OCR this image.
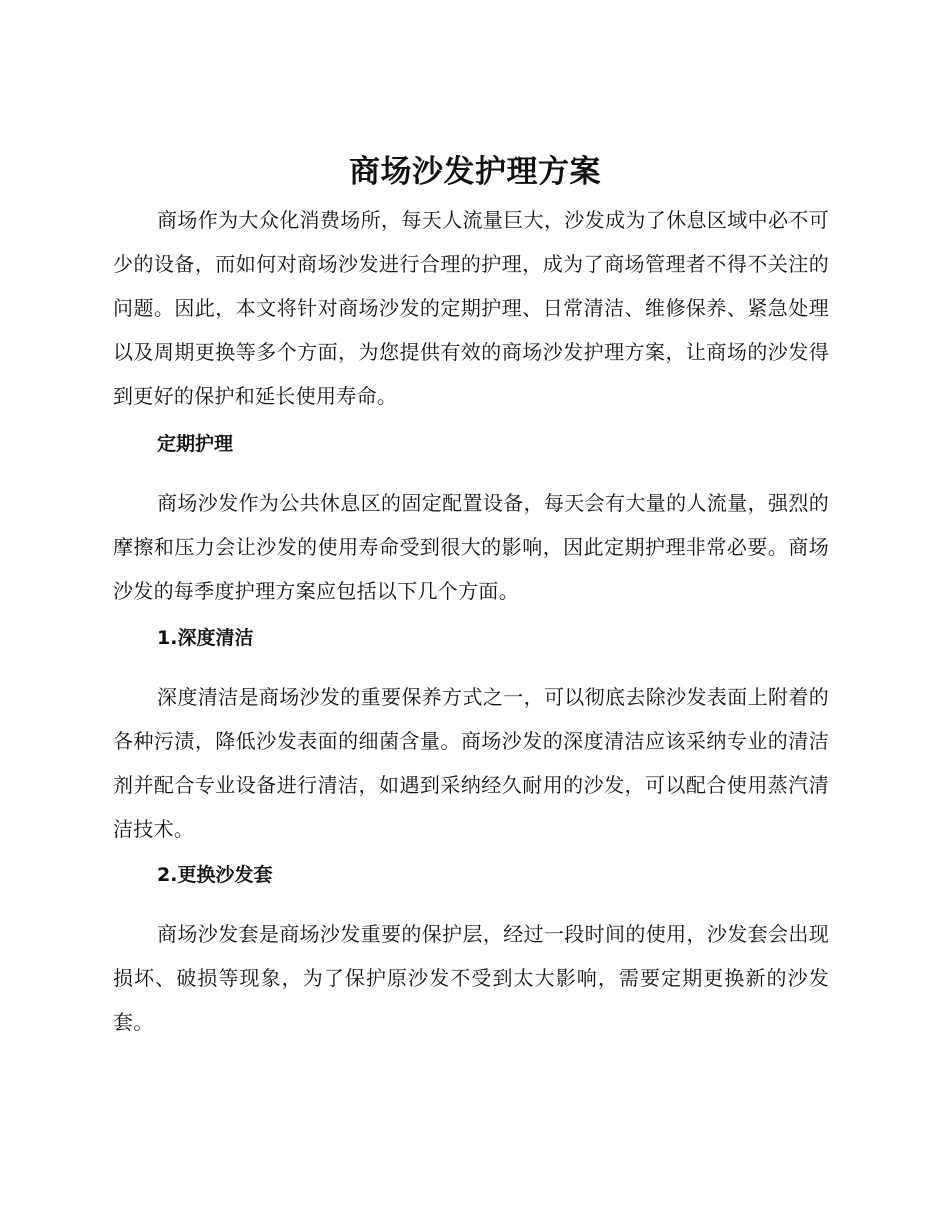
商场沙发护理方案

商场作为大众化消费场所，每天人流量巨大，沙发成为了休息区域中必不可少的设备，而如何对商场沙发进行合理的护理，成为了商场管理者不得不关注的问题。因此，本文将针对商场沙发的定期护理、日常清洁、维修保养、紧急处理以及周期更换等多个方面，为您提供有效的商场沙发护理方案，让商场的沙发得到更好的保护和延长使用寿命。

定期护理

商场沙发作为公共休息区的固定配置设备，每天会有大量的人流量，强烈的摩擦和压力会让沙发的使用寿命受到很大的影响，因此定期护理非常必要。商场沙发的每季度护理方案应包括以下几个方面。

1.深度清洁

深度清洁是商场沙发的重要保养方式之一，可以彻底去除沙发表面上附着的各种污渍，降低沙发表面的细菌含量。商场沙发的深度清洁应该采纳专业的清洁剂并配合专业设备进行清洁，如遇到采纳经久耐用的沙发，可以配合使用蒸汽清洁技术。

2.更换沙发套

商场沙发套是商场沙发重要的保护层，经过一段时间的使用，沙发套会出现损坏、破损等现象，为了保护原沙发不受到太大影响，需要定期更换新的沙发套。
